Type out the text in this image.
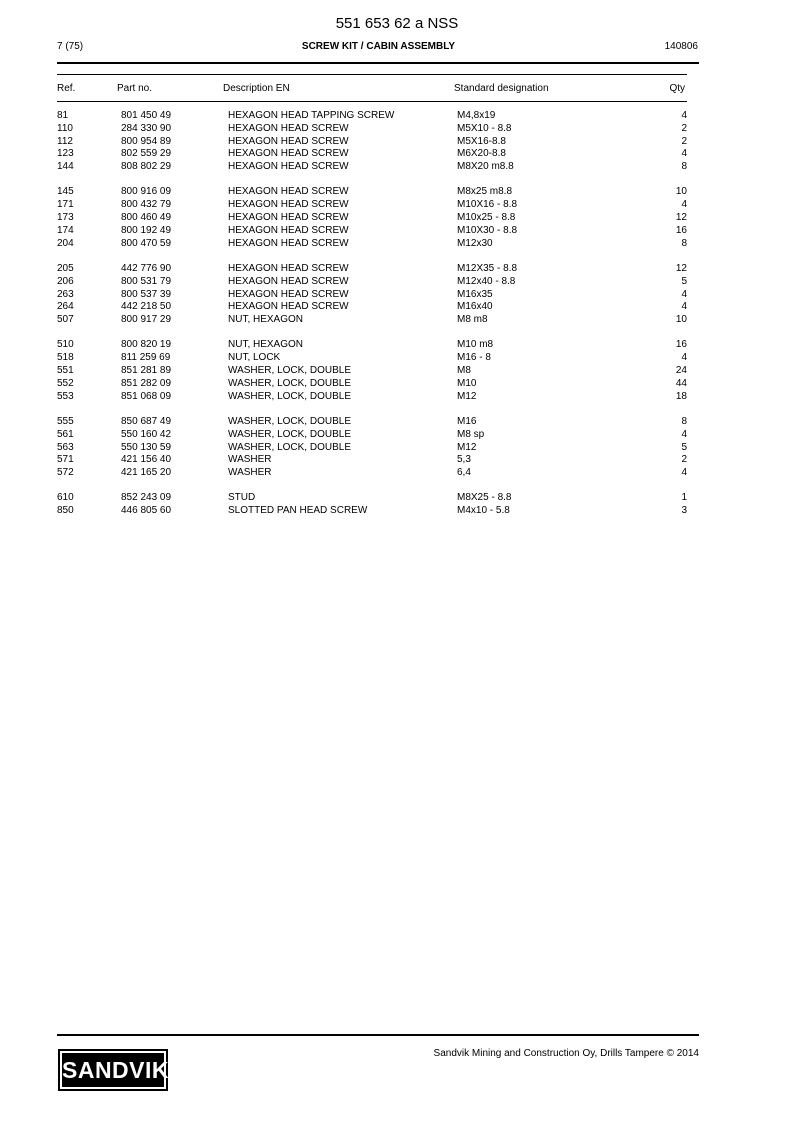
551 653 62 a NSS
7 (75)	SCREW KIT / CABIN ASSEMBLY	140806
Ref.	Part no.	Description EN	Standard designation	Qty
81	801 450 49	HEXAGON HEAD TAPPING SCREW	M4,8x19	4
110	284 330 90	HEXAGON HEAD SCREW	M5X10 - 8.8	2
112	800 954 89	HEXAGON HEAD SCREW	M5X16-8.8	2
123	802 559 29	HEXAGON HEAD SCREW	M6X20-8.8	4
144	808 802 29	HEXAGON HEAD SCREW	M8X20 m8.8	8
145	800 916 09	HEXAGON HEAD SCREW	M8x25 m8.8	10
171	800 432 79	HEXAGON HEAD SCREW	M10X16 - 8.8	4
173	800 460 49	HEXAGON HEAD SCREW	M10x25 - 8.8	12
174	800 192 49	HEXAGON HEAD SCREW	M10X30 - 8.8	16
204	800 470 59	HEXAGON HEAD SCREW	M12x30	8
205	442 776 90	HEXAGON HEAD SCREW	M12X35 - 8.8	12
206	800 531 79	HEXAGON HEAD SCREW	M12x40 - 8.8	5
263	800 537 39	HEXAGON HEAD SCREW	M16x35	4
264	442 218 50	HEXAGON HEAD SCREW	M16x40	4
507	800 917 29	NUT, HEXAGON	M8 m8	10
510	800 820 19	NUT, HEXAGON	M10 m8	16
518	811 259 69	NUT, LOCK	M16 - 8	4
551	851 281 89	WASHER, LOCK, DOUBLE	M8	24
552	851 282 09	WASHER, LOCK, DOUBLE	M10	44
553	851 068 09	WASHER, LOCK, DOUBLE	M12	18
555	850 687 49	WASHER, LOCK, DOUBLE	M16	8
561	550 160 42	WASHER, LOCK, DOUBLE	M8 sp	4
563	550 130 59	WASHER, LOCK, DOUBLE	M12	5
571	421 156 40	WASHER	5,3	2
572	421 165 20	WASHER	6,4	4
610	852 243 09	STUD	M8X25 - 8.8	1
850	446 805 60	SLOTTED PAN HEAD SCREW	M4x10 - 5.8	3
SANDVIK
Sandvik Mining and Construction Oy, Drills Tampere © 2014
